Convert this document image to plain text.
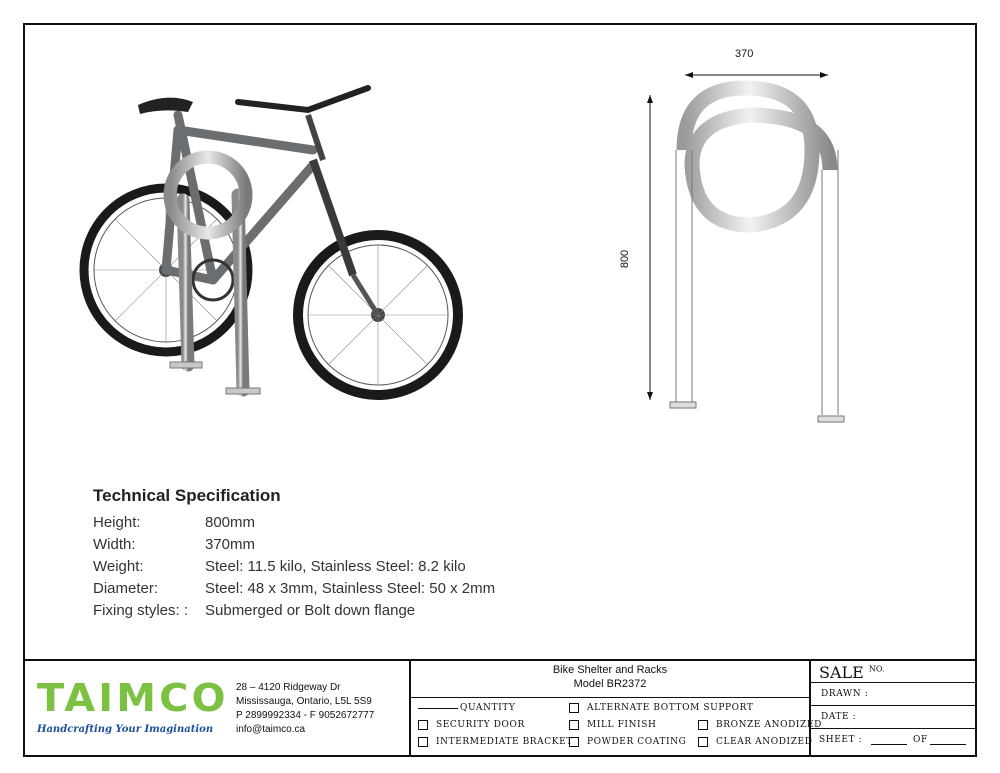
370
800
Technical Specification
Height:	800mm
Width:	370mm
Weight:	Steel: 11.5 kilo, Stainless Steel: 8.2 kilo
Diameter:	Steel: 48 x 3mm, Stainless Steel: 50 x 2mm
Fixing styles: :	Submerged or Bolt down flange
TAIMCO
Handcrafting Your Imagination
28 – 4120 Ridgeway Dr
Mississauga, Ontario, L5L 5S9
P 2899992334 - F 9052672777
info@taimco.ca
Bike Shelter and Racks
Model BR2372
QUANTITY
SECURITY DOOR
INTERMEDIATE BRACKET
ALTERNATE BOTTOM SUPPORT
MILL FINISH
POWDER COATING
BRONZE ANODIZED
CLEAR ANODIZED
SALE $^{NO.}$
DRAWN :
DATE :
SHEET :	OF
